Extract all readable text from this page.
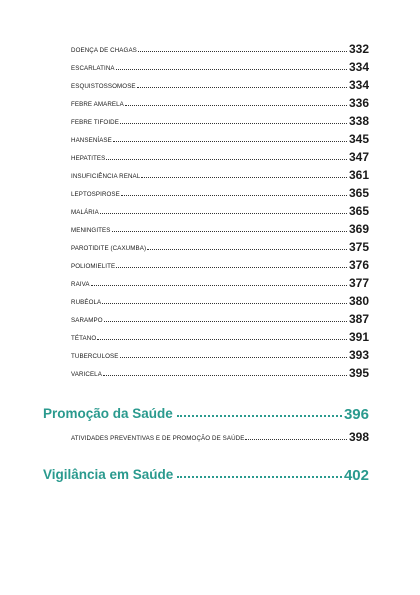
DOENÇA DE CHAGAS	332
ESCARLATINA	334
ESQUISTOSSOMOSE	334
FEBRE AMARELA	336
FEBRE TIFOIDE	338
HANSENÍASE	345
HEPATITES	347
INSUFICIÊNCIA RENAL	361
LEPTOSPIROSE	365
MALÁRIA	365
MENINGITES	369
PAROTIDITE (CAXUMBA)	375
POLIOMIELITE	376
RAIVA	377
RUBÉOLA	380
SARAMPO	387
TÉTANO	391
TUBERCULOSE	393
VARICELA	395
Promoção da Saúde	396
ATIVIDADES PREVENTIVAS E DE PROMOÇÃO DE SAÚDE	398
Vigilância em Saúde	402
